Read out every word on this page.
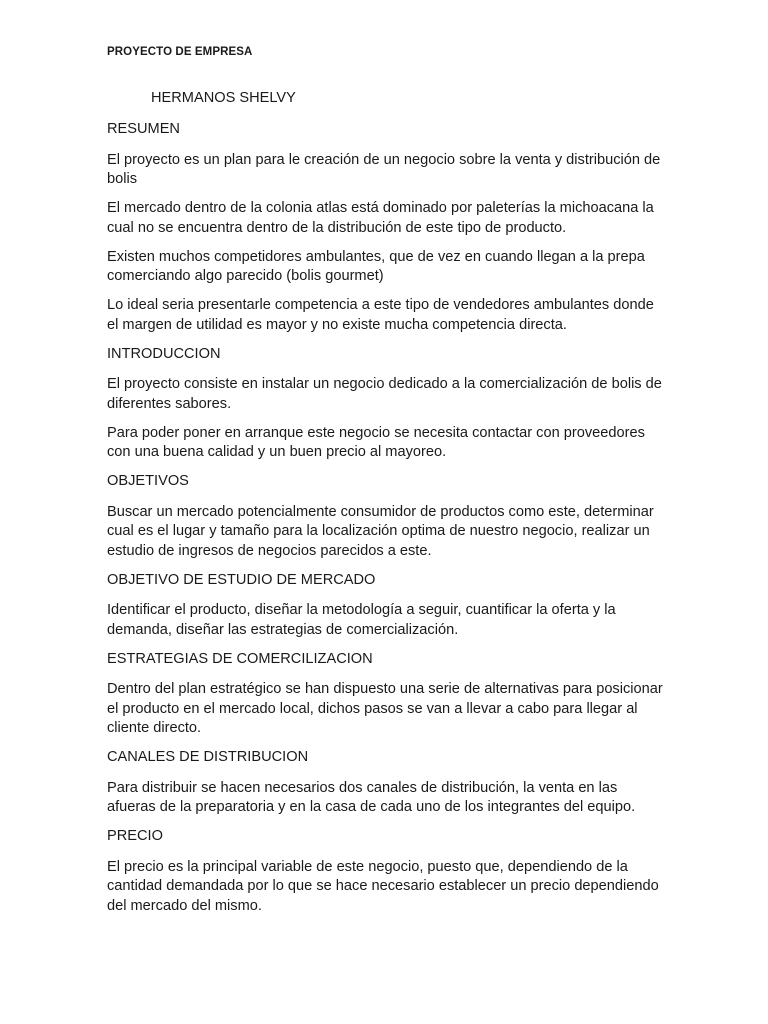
PROYECTO DE EMPRESA
HERMANOS SHELVY

RESUMEN

El proyecto es un plan para le creación de un negocio sobre la venta y distribución de bolis

El mercado dentro de la colonia atlas está dominado por paleterías la michoacana la cual no se encuentra dentro de la distribución de este tipo de producto.

Existen muchos competidores ambulantes, que de vez en cuando llegan a la prepa comerciando algo parecido (bolis gourmet)

Lo ideal seria presentarle competencia a este tipo de vendedores ambulantes donde el margen de utilidad es mayor y no existe mucha competencia directa.

INTRODUCCION

El proyecto consiste en instalar un negocio dedicado a la comercialización de bolis de diferentes sabores.

Para poder poner en arranque este negocio se necesita contactar con proveedores con una buena calidad y un buen precio al mayoreo.

OBJETIVOS

Buscar un mercado potencialmente consumidor de productos como este, determinar cual es el lugar y tamaño para la localización optima de nuestro negocio, realizar un estudio de ingresos de negocios parecidos a este.

OBJETIVO DE ESTUDIO DE MERCADO

Identificar el producto, diseñar la metodología a seguir, cuantificar la oferta y la demanda, diseñar las estrategias de comercialización.

ESTRATEGIAS DE COMERCILIZACION

Dentro del plan estratégico se han dispuesto una serie de alternativas para posicionar el producto en el mercado local, dichos pasos se van a llevar a cabo para llegar al cliente directo.

CANALES DE DISTRIBUCION

Para distribuir se hacen necesarios dos canales de distribución, la venta en las afueras de la preparatoria y en la casa de cada uno de los integrantes del equipo.

PRECIO

El precio es la principal variable de este negocio, puesto que, dependiendo de la cantidad demandada por lo que se hace necesario establecer un precio dependiendo del mercado del mismo.
